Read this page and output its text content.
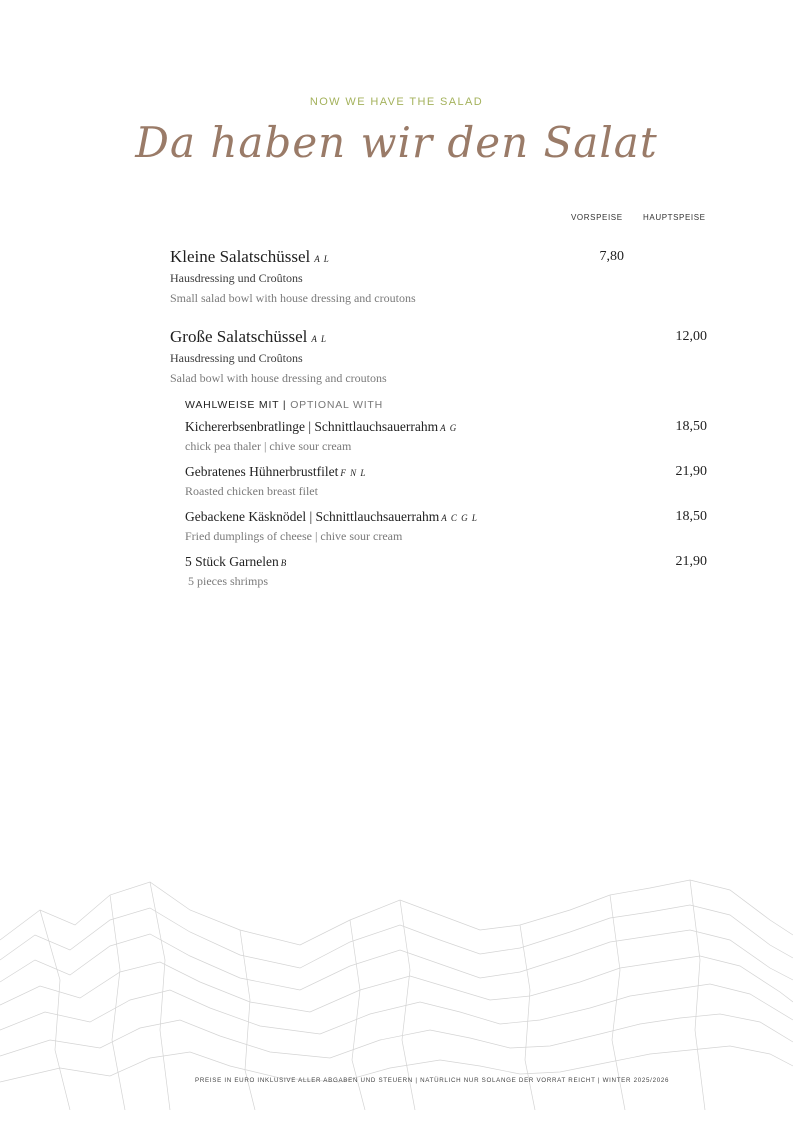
NOW WE HAVE THE SALAD
Da haben wir den Salat
VORSPEISE	HAUPTSPEISE
Kleine Salatschüssel A L
Hausdressing und Croûtons
Small salad bowl with house dressing and croutons
7,80
Große Salatschüssel A L
Hausdressing und Croûtons
Salad bowl with house dressing and croutons
12,00
WAHLWEISE MIT | OPTIONAL WITH
Kichererbsenbratlinge | Schnittlauchsauerrahm A G
chick pea thaler | chive sour cream
18,50
Gebratenes Hühnerbrustfilet F N L
Roasted chicken breast filet
21,90
Gebackene Käsknödel | Schnittlauchsauerrahm A C G L
Fried dumplings of cheese | chive sour cream
18,50
5 Stück Garnelen B
5 pieces shrimps
21,90
PREISE IN EURO INKLUSIVE ALLER ABGABEN UND STEUERN | NATÜRLICH NUR SOLANGE DER VORRAT REICHT | WINTER 2025/2026
